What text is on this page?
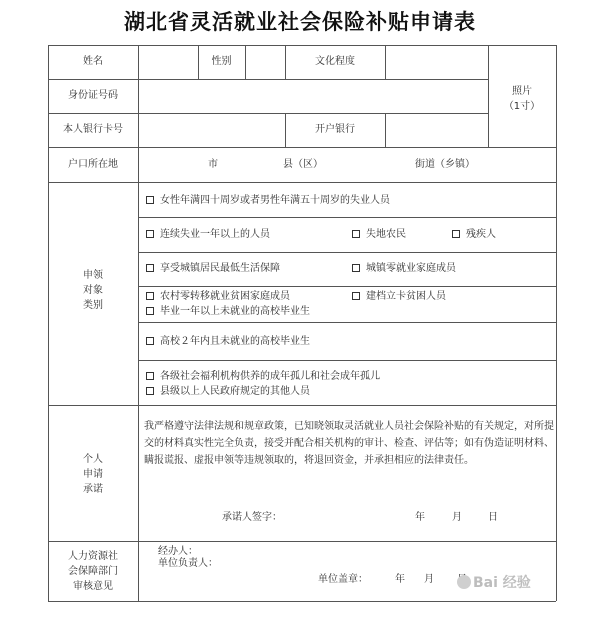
湖北省灵活就业社会保险补贴申请表
姓名	性别	文化程度
照片
（1寸）
身份证号码
本人银行卡号	开户银行
户口所在地	市	县（区）	街道（乡镇）
申领
对象
类别
女性年满四十周岁或者男性年满五十周岁的失业人员
连续失业一年以上的人员	失地农民	残疾人
享受城镇居民最低生活保障	城镇零就业家庭成员
农村零转移就业贫困家庭成员	建档立卡贫困人员
毕业一年以上未就业的高校毕业生
高校２年内且未就业的高校毕业生
各级社会福利机构供养的成年孤儿和社会成年孤儿
县级以上人民政府规定的其他人员
个人
申请
承诺
我严格遵守法律法规和规章政策，已知晓领取灵活就业人员社会保险补贴的有关规定，对所提交的材料真实性完全负责，接受并配合相关机构的审计、检查、评估等；如有伪造证明材料、瞒报谎报、虚报申领等违规领取的，将退回资金，并承担相应的法律责任。
承诺人签字：	年	月	日
人力资源社
会保障部门
审核意见
经办人：
单位负责人：
单位盖章：	年 月	Bai 经验
